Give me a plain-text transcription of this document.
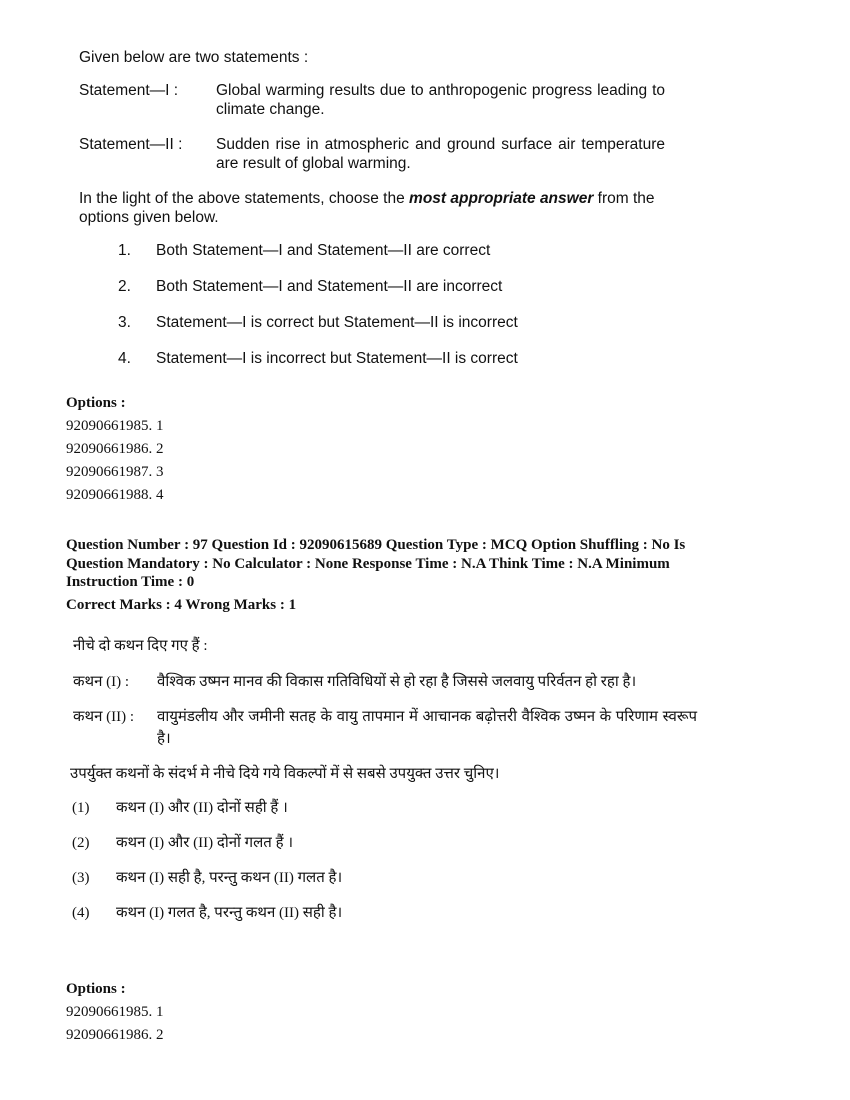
Given below are two statements :

Statement—I :	Global warming results due to anthropogenic progress leading to climate change.
Statement—II :	Sudden rise in atmospheric and ground surface air temperature are result of global warming.

In the light of the above statements, choose the most appropriate answer from the options given below.

1.	Both Statement—I and Statement—II are correct
2.	Both Statement—I and Statement—II are incorrect
3.	Statement—I is correct but Statement—II is incorrect
4.	Statement—I is incorrect but Statement—II is correct
Options :
92090661985. 1
92090661986. 2
92090661987. 3
92090661988. 4
Question Number : 97 Question Id : 92090615689 Question Type : MCQ Option Shuffling : No Is
Question Mandatory : No Calculator : None Response Time : N.A Think Time : N.A Minimum
Instruction Time : 0
Correct Marks : 4 Wrong Marks : 1

नीचे दो कथन दिए गए हैं :

कथन (I) :	वैश्विक उष्मन मानव की विकास गतिविधियों से हो रहा है जिससे जलवायु परिर्वतन हो रहा है।
कथन (II) :	वायुमंडलीय और जमीनी सतह के वायु तापमान में आचानक बढ़ोत्तरी वैश्विक उष्मन के परिणाम स्वरूप है।

उपर्युक्त कथनों के संदर्भ मे नीचे दिये गये विकल्पों में से सबसे उपयुक्त उत्तर चुनिए।

(1)	कथन (I) और (II) दोनों सही हैं ।
(2)	कथन (I) और (II) दोनों गलत हैं ।
(3)	कथन (I) सही है, परन्तु कथन (II) गलत है।
(4)	कथन (I) गलत है, परन्तु कथन (II) सही है।
Options :
92090661985. 1
92090661986. 2
